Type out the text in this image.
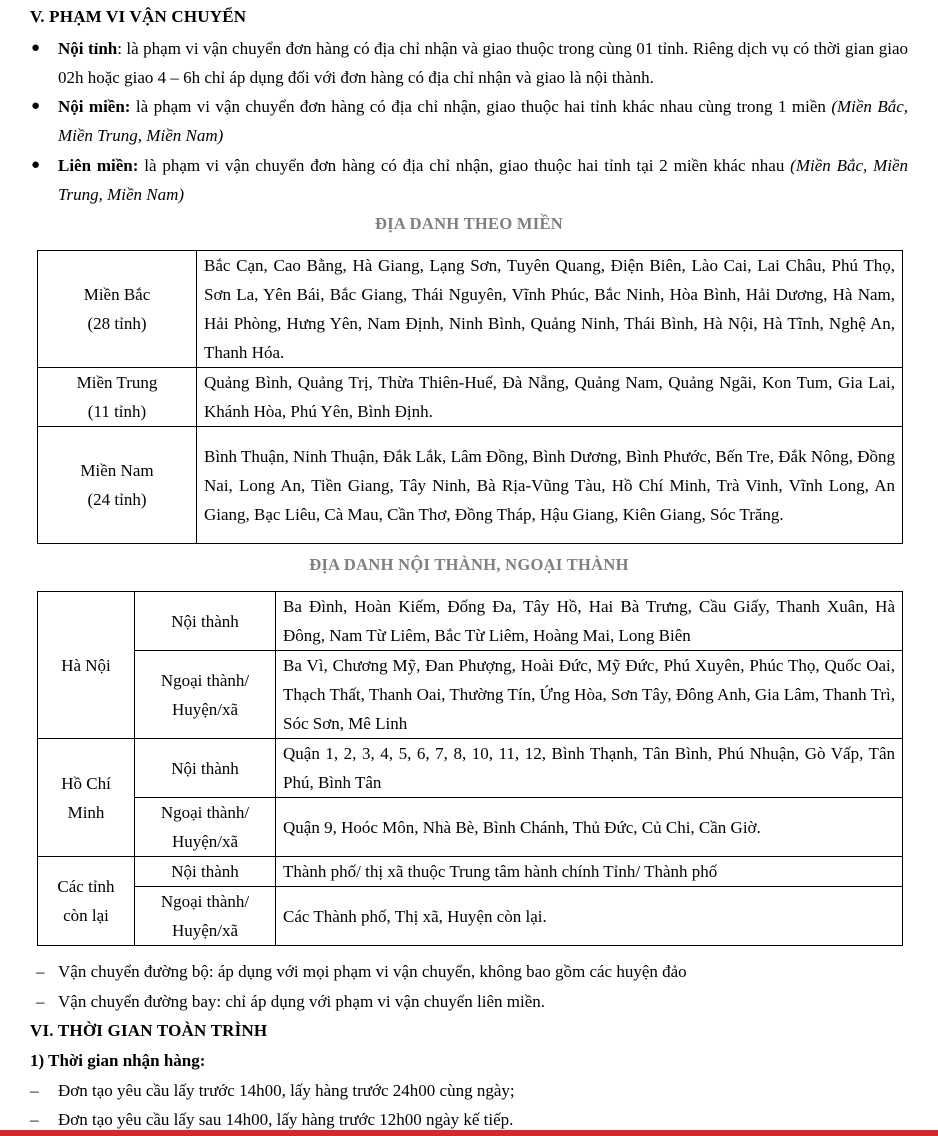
V. PHẠM VI VẬN CHUYỂN
● Nội tỉnh: là phạm vi vận chuyển đơn hàng có địa chỉ nhận và giao thuộc trong cùng 01 tỉnh. Riêng dịch vụ có thời gian giao 02h hoặc giao 4 – 6h chỉ áp dụng đối với đơn hàng có địa chỉ nhận và giao là nội thành.
● Nội miền: là phạm vi vận chuyển đơn hàng có địa chỉ nhận, giao thuộc hai tỉnh khác nhau cùng trong 1 miền (Miền Bắc, Miền Trung, Miền Nam)
● Liên miền: là phạm vi vận chuyển đơn hàng có địa chỉ nhận, giao thuộc hai tỉnh tại 2 miền khác nhau (Miền Bắc, Miền Trung, Miền Nam)
ĐỊA DANH THEO MIỀN
Miền Bắc
(28 tỉnh)	Bắc Cạn, Cao Bằng, Hà Giang, Lạng Sơn, Tuyên Quang, Điện Biên, Lào Cai, Lai Châu, Phú Thọ, Sơn La, Yên Bái, Bắc Giang, Thái Nguyên, Vĩnh Phúc, Bắc Ninh, Hòa Bình, Hải Dương, Hà Nam, Hải Phòng, Hưng Yên, Nam Định, Ninh Bình, Quảng Ninh, Thái Bình, Hà Nội, Hà Tĩnh, Nghệ An, Thanh Hóa.

Miền Trung
(11 tỉnh)	Quảng Bình, Quảng Trị, Thừa Thiên-Huế, Đà Nẵng, Quảng Nam, Quảng Ngãi, Kon Tum, Gia Lai, Khánh Hòa, Phú Yên, Bình Định.

Miền Nam
(24 tỉnh)	Bình Thuận, Ninh Thuận, Đắk Lắk, Lâm Đồng, Bình Dương, Bình Phước, Bến Tre, Đắk Nông, Đồng Nai, Long An, Tiền Giang, Tây Ninh, Bà Rịa-Vũng Tàu, Hồ Chí Minh, Trà Vinh, Vĩnh Long, An Giang, Bạc Liêu, Cà Mau, Cần Thơ, Đồng Tháp, Hậu Giang, Kiên Giang, Sóc Trăng.
ĐỊA DANH NỘI THÀNH, NGOẠI THÀNH
Hà Nội	Nội thành	Ba Đình, Hoàn Kiếm, Đống Đa, Tây Hồ, Hai Bà Trưng, Cầu Giấy, Thanh Xuân, Hà Đông, Nam Từ Liêm, Bắc Từ Liêm, Hoàng Mai, Long Biên

	Ngoại thành/
Huyện/xã	Ba Vì, Chương Mỹ, Đan Phượng, Hoài Đức, Mỹ Đức, Phú Xuyên, Phúc Thọ, Quốc Oai, Thạch Thất, Thanh Oai, Thường Tín, Ứng Hòa, Sơn Tây, Đông Anh, Gia Lâm, Thanh Trì, Sóc Sơn, Mê Linh

Hồ Chí
Minh	Nội thành	Quận 1, 2, 3, 4, 5, 6, 7, 8, 10, 11, 12, Bình Thạnh, Tân Bình, Phú Nhuận, Gò Vấp, Tân Phú, Bình Tân

	Ngoại thành/
Huyện/xã	Quận 9, Hoóc Môn, Nhà Bè, Bình Chánh, Thủ Đức, Củ Chi, Cần Giờ.

Các tỉnh
còn lại	Nội thành	Thành phố/ thị xã thuộc Trung tâm hành chính Tỉnh/ Thành phố

	Ngoại thành/
Huyện/xã	Các Thành phố, Thị xã, Huyện còn lại.
– Vận chuyển đường bộ: áp dụng với mọi phạm vi vận chuyển, không bao gồm các huyện đảo
– Vận chuyển đường bay: chỉ áp dụng với phạm vi vận chuyển liên miền.
VI. THỜI GIAN TOÀN TRÌNH
1) Thời gian nhận hàng:
– Đơn tạo yêu cầu lấy trước 14h00, lấy hàng trước 24h00 cùng ngày;
– Đơn tạo yêu cầu lấy sau 14h00, lấy hàng trước 12h00 ngày kế tiếp.
